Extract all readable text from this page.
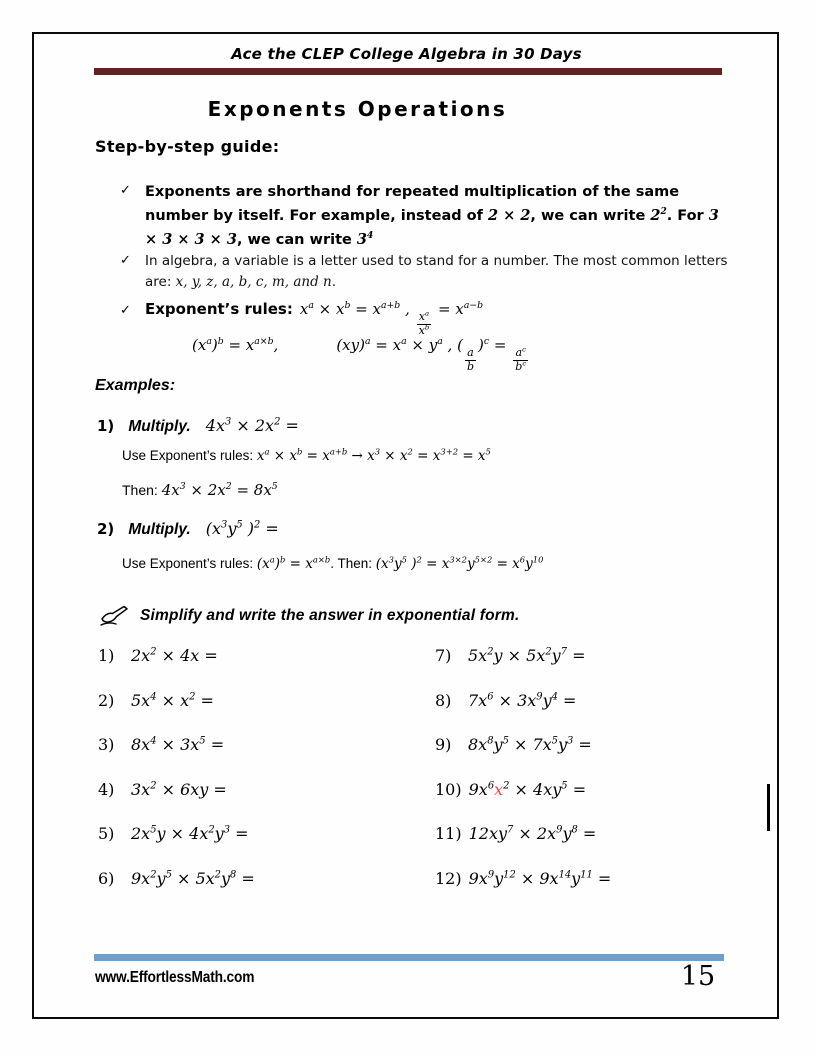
Ace the CLEP College Algebra in 30 Days
Exponents Operations
Step-by-step guide:
✓ Exponents are shorthand for repeated multiplication of the same number by itself. For example, instead of 2 × 2, we can write $2^2$. For 3 × 3 × 3 × 3, we can write $3^4$
✓	In algebra, a variable is a letter used to stand for a number. The most common letters are: x, y, z, a, b, c, m, and n.
✓ Exponent’s rules: $x^a \times x^b = x^{a+b}$ ,
$\frac{x^a}{x^b}$
= $x^{a-b}$
$(x^a)^b = x^{a\times b}$,	$(xy)^a = x^a \times y^a$ , (
$\frac{a}{b}$
)$^c$ =
$\frac{a^c}{b^c}$
Examples:
1) Multiply. $4x^3 \times 2x^2$ =
Use Exponent’s rules: $x^a \times x^b = x^{a+b} \to x^3 \times x^2 = x^{3+2} = x^5$
Then: $4x^3 \times 2x^2 = 8x^5$
2) Multiply. ($x^3y^5$ )$^2$ =
Use Exponent’s rules: $(x^a)^b = x^{a\times b}$. Then: ($x^3y^5$ )$^2 = x^{3\times 2}y^{5\times 2} = x^6y^{10}$
Simplify and write the answer in exponential form.
1)	$2x^2 \times 4x$ =
2)	$5x^4 \times x^2$ =
3)	$8x^4 \times 3x^5$ =
4)	$3x^2 \times 6xy$ =
5)	$2x^5y \times 4x^2y^3$ =
6)	$9x^2y^5 \times 5x^2y^8$ =
7)	$5x^2y \times 5x^2y^7$ =
8)	$7x^6 \times 3x^9y^4$ =
9)	$8x^8y^5 \times 7x^5y^3$ =
10) $9x^6x^2 \times 4xy^5$ =
11) $12xy^7 \times 2x^9y^8$ =
12) $9x^9y^{12} \times 9x^{14}y^{11}$ =
www.EffortlessMath.com	15
